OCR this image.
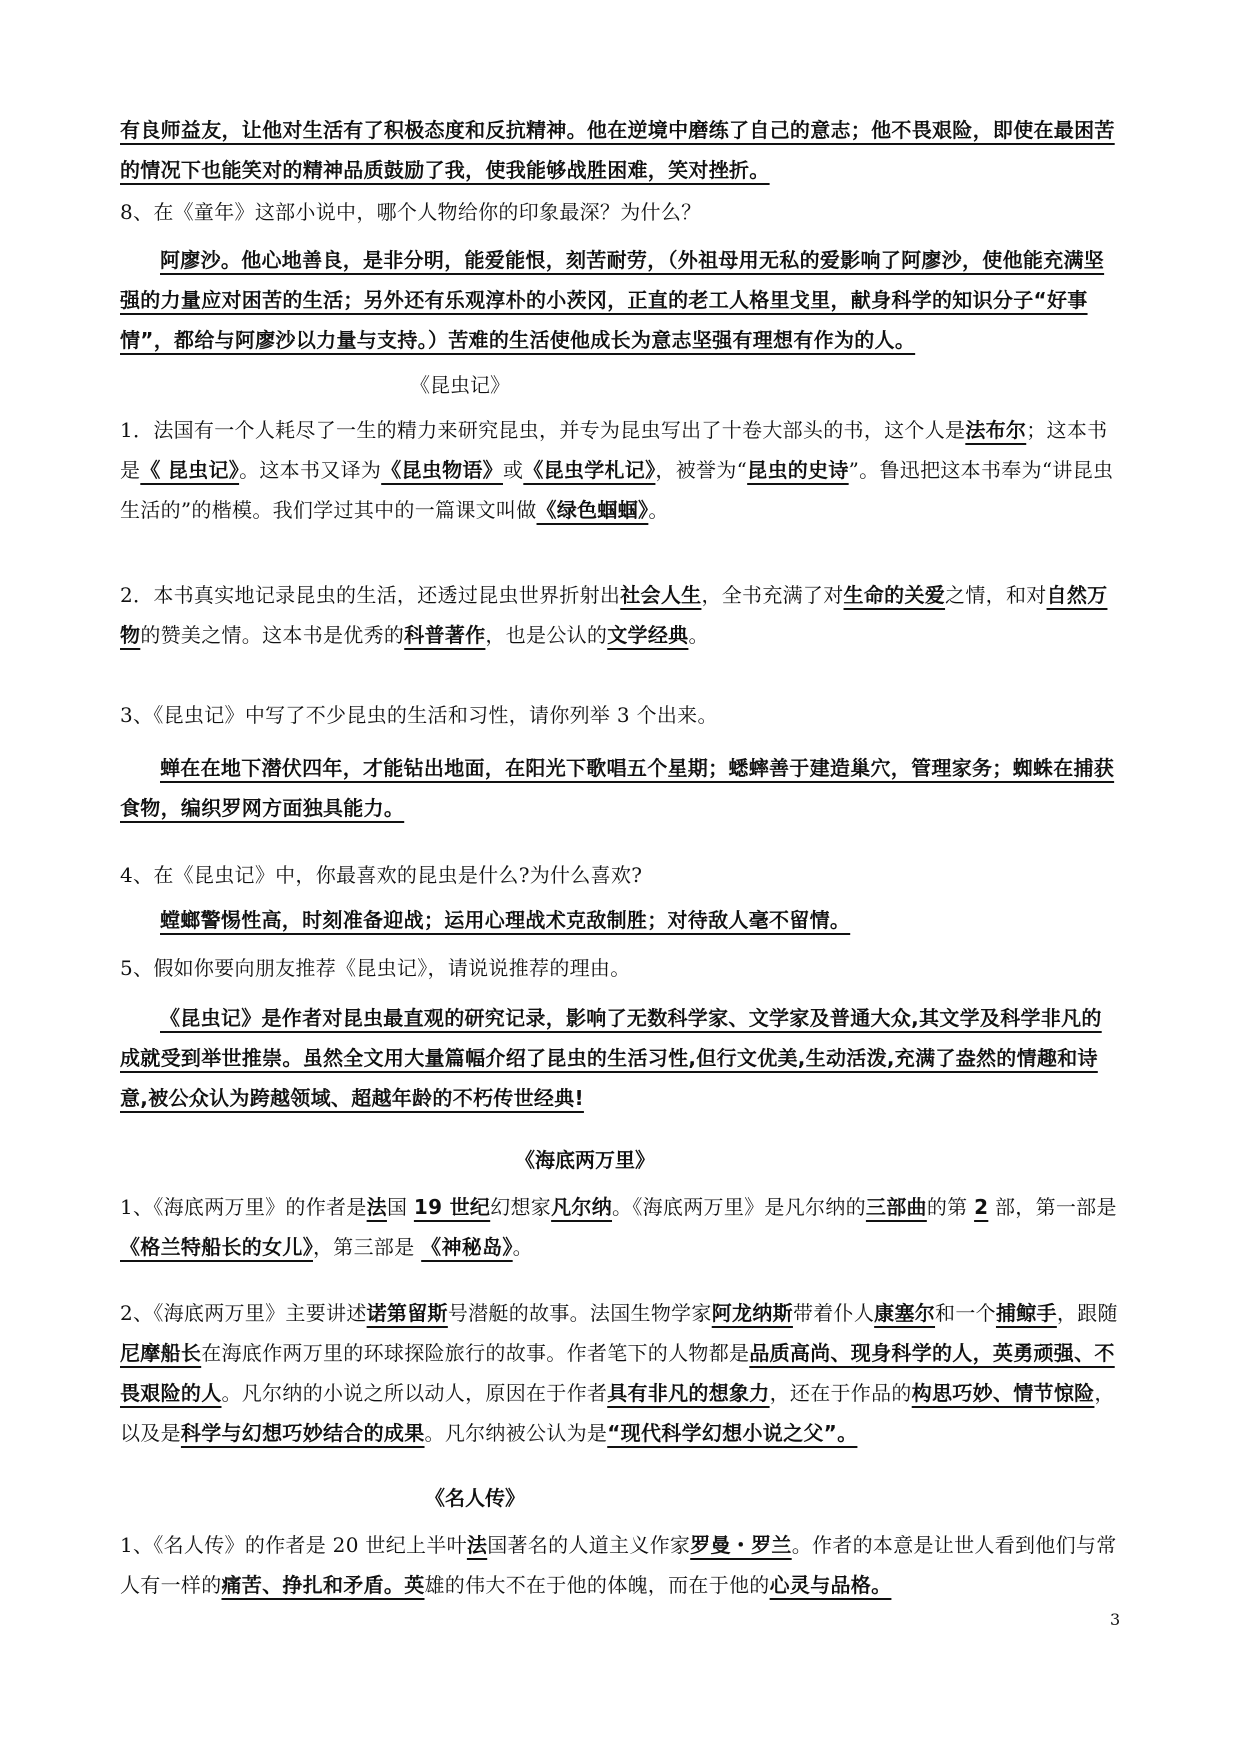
有良师益友，让他对生活有了积极态度和反抗精神。他在逆境中磨练了自己的意志；他不畏艰险，即使在最困苦的情况下也能笑对的精神品质鼓励了我，使我能够战胜困难，笑对挫折。
8、在《童年》这部小说中，哪个人物给你的印象最深？为什么？
阿廖沙。他心地善良，是非分明，能爱能恨，刻苦耐劳，（外祖母用无私的爱影响了阿廖沙，使他能充满坚强的力量应对困苦的生活；另外还有乐观淳朴的小茨冈，正直的老工人格里戈里，献身科学的知识分子“好事情”，都给与阿廖沙以力量与支持。）苦难的生活使他成长为意志坚强有理想有作为的人。
《昆虫记》
1．法国有一个人耗尽了一生的精力来研究昆虫，并专为昆虫写出了十卷大部头的书，这个人是法布尔；这本书是《 昆虫记》。这本书又译为《昆虫物语》或《昆虫学札记》，被誉为“昆虫的史诗”。鲁迅把这本书奉为“讲昆虫生活的”的楷模。我们学过其中的一篇课文叫做《绿色蝈蝈》。
2．本书真实地记录昆虫的生活，还透过昆虫世界折射出社会人生，全书充满了对生命的关爱之情，和对自然万物的赞美之情。这本书是优秀的科普著作，也是公认的文学经典。
3、《昆虫记》中写了不少昆虫的生活和习性，请你列举 3 个出来。
蝉在在地下潜伏四年，才能钻出地面，在阳光下歌唱五个星期；蟋蟀善于建造巢穴，管理家务；蜘蛛在捕获食物，编织罗网方面独具能力。
4、在《昆虫记》中，你最喜欢的昆虫是什么?为什么喜欢?
螳螂警惕性高，时刻准备迎战；运用心理战术克敌制胜；对待敌人毫不留情。
5、假如你要向朋友推荐《昆虫记》，请说说推荐的理由。
《昆虫记》是作者对昆虫最直观的研究记录，影响了无数科学家、文学家及普通大众,其文学及科学非凡的成就受到举世推崇。虽然全文用大量篇幅介绍了昆虫的生活习性,但行文优美,生动活泼,充满了盎然的情趣和诗意,被公众认为跨越领域、超越年龄的不朽传世经典!
《海底两万里》
1、《海底两万里》的作者是法国 19 世纪幻想家凡尔纳。《海底两万里》是凡尔纳的三部曲的第 2 部，第一部是 《格兰特船长的女儿》，第三部是 《神秘岛》。
2、《海底两万里》主要讲述诺第留斯号潜艇的故事。法国生物学家阿龙纳斯带着仆人康塞尔和一个捕鲸手，跟随尼摩船长在海底作两万里的环球探险旅行的故事。作者笔下的人物都是品质高尚、现身科学的人，英勇顽强、不畏艰险的人。凡尔纳的小说之所以动人，原因在于作者具有非凡的想象力，还在于作品的构思巧妙、情节惊险，以及是科学与幻想巧妙结合的成果。凡尔纳被公认为是“现代科学幻想小说之父”。
《名人传》
1、《名人传》的作者是 20 世纪上半叶法国著名的人道主义作家罗曼・罗兰。作者的本意是让世人看到他们与常人有一样的痛苦、挣扎和矛盾。英雄的伟大不在于他的体魄，而在于他的心灵与品格。
3
